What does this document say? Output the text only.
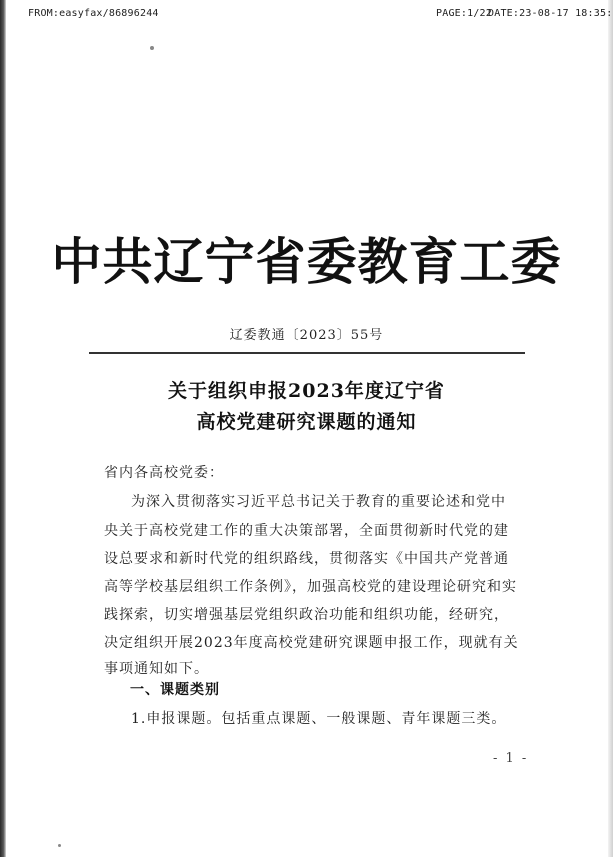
FROM:easyfax/86896244	PAGE:1/22
DATE:23-08-17 18:35:
中共辽宁省委教育工委
辽委教通〔2023〕55号
关于组织申报2023年度辽宁省
高校党建研究课题的通知
省内各高校党委：
为深入贯彻落实习近平总书记关于教育的重要论述和党中
央关于高校党建工作的重大决策部署，全面贯彻新时代党的建
设总要求和新时代党的组织路线，贯彻落实《中国共产党普通
高等学校基层组织工作条例》，加强高校党的建设理论研究和实
践探索，切实增强基层党组织政治功能和组织功能，经研究，
决定组织开展2023年度高校党建研究课题申报工作，现就有关
事项通知如下。
一、课题类别
1.申报课题。包括重点课题、一般课题、青年课题三类。
- 1 -
